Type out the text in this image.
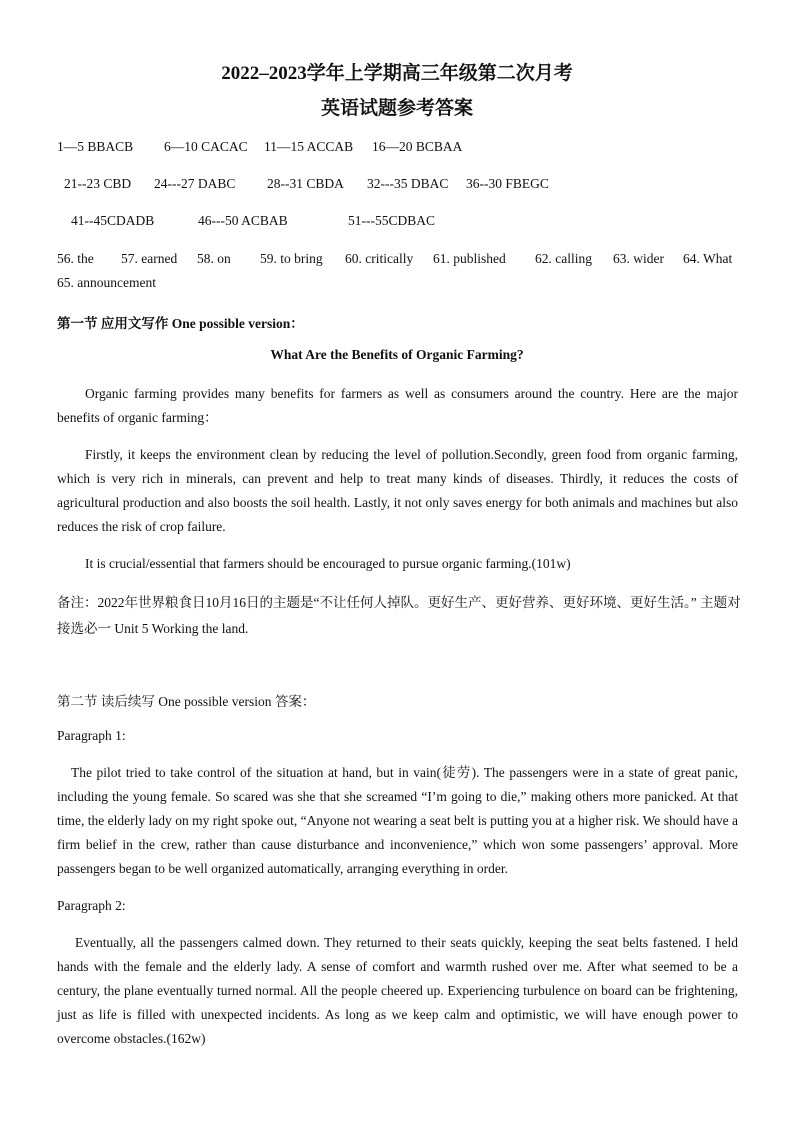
2022–2023学年上学期高三年级第二次月考
英语试题参考答案
1—5 BBACB 6—10 CACAC 11—15 ACCAB 16—20 BCBAA
21--23 CBD 24---27 DABC 28--31 CBDA 32---35 DBAC 36--30 FBEGC
41--45CDADB	46---50 ACBAB	51---55CDBAC
56. the 57. earned 58. on 59. to bring 60. critically 61. published 62. calling 63. wider 64. What
65. announcement
第一节 应用文写作 One possible version：
What Are the Benefits of Organic Farming?
Organic farming provides many benefits for farmers as well as consumers around the country. Here are the major benefits of organic farming：
Firstly, it keeps the environment clean by reducing the level of pollution.Secondly, green food from organic farming, which is very rich in minerals, can prevent and help to treat many kinds of diseases. Thirdly, it reduces the costs of agricultural production and also boosts the soil health. Lastly, it not only saves energy for both animals and machines but also reduces the risk of crop failure.
It is crucial/essential that farmers should be encouraged to pursue organic farming.(101w)
备注：2022年世界粮食日10月16日的主题是“不让任何人掉队。更好生产、更好营养、更好环境、更好生活。” 主题对接选必一 Unit 5 Working the land.
第二节 读后续写 One possible version 答案：
Paragraph 1:
The pilot tried to take control of the situation at hand, but in vain(徒劳). The passengers were in a state of great panic, including the young female. So scared was she that she screamed “I’m going to die,” making others more panicked. At that time, the elderly lady on my right spoke out, “Anyone not wearing a seat belt is putting you at a higher risk. We should have a firm belief in the crew, rather than cause disturbance and inconvenience,” which won some passengers’ approval. More passengers began to be well organized automatically, arranging everything in order.
Paragraph 2:
Eventually, all the passengers calmed down. They returned to their seats quickly, keeping the seat belts fastened. I held hands with the female and the elderly lady. A sense of comfort and warmth rushed over me. After what seemed to be a century, the plane eventually turned normal. All the people cheered up. Experiencing turbulence on board can be frightening, just as life is filled with unexpected incidents. As long as we keep calm and optimistic, we will have enough power to overcome obstacles.(162w)
